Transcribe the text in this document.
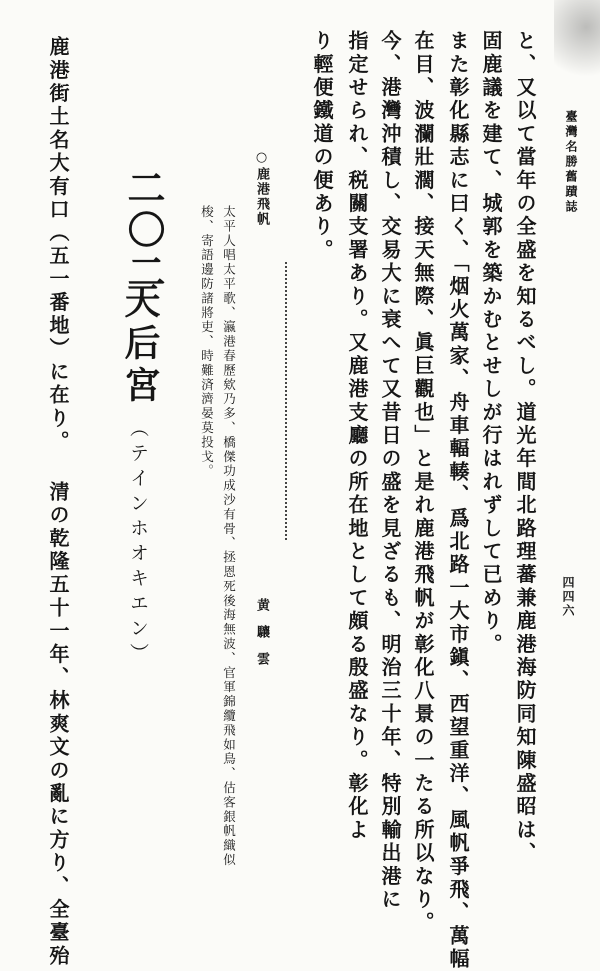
臺灣名勝舊蹟誌
四四六
と、又以て當年の全盛を知るべし。道光年間北路理蕃兼鹿港海防同知陳盛昭は、
固鹿議を建て、城郭を築かむとせしが行はれずして已めり。
また彰化縣志に曰く、「烟火萬家、舟車輻輳、爲北路一大市鎭、西望重洋、風帆爭飛、萬幅
在目、波瀾壯濶、接天無際、眞巨觀也」と是れ鹿港飛帆が彰化八景の一たる所以なり。
今、港灣沖積し、交易大に衰へて又昔日の盛を見ざるも、明治三十年、特別輸出港に
指定せられ、税關支署あり。又鹿港支廳の所在地として頗る殷盛なり。彰化よ
り輕便鐵道の便あり。
○鹿港飛帆
黄驤雲
太平人唱太平歌、瀛港春歷欸乃多、橋傑功成沙有骨、拯恩死後海無波、官軍錦纜飛如鳥、估客銀帆織似
梭、寄語邊防諸將吏、時難済濟晏莫投戈。
二〇二
天后宮
（テインホオキエン）
鹿港街土名大有口（五一番地）に在り。 清の乾隆五十一年、林爽文の亂に方り、全臺殆
